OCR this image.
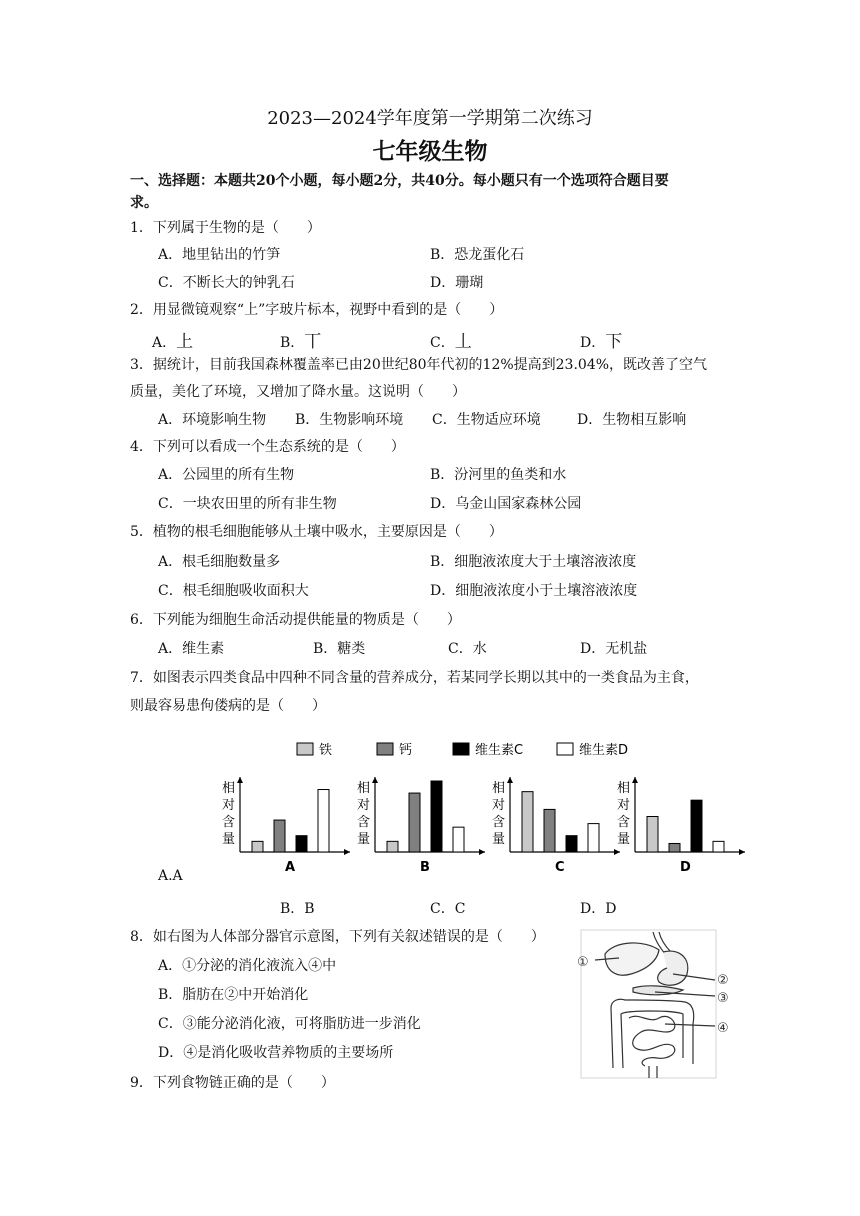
2023—2024学年度第一学期第二次练习
七年级生物
一、选择题：本题共20个小题，每小题2分，共40分。每小题只有一个选项符合题目要
求。
1．下列属于生物的是（　　）
A．地里钻出的竹笋	B．恐龙蛋化石
C．不断长大的钟乳石	D．珊瑚
2．用显微镜观察“上”字玻片标本，视野中看到的是（　　）
A．上	B．丅	C．丄	D．下
3．据统计，目前我国森林覆盖率已由20世纪80年代初的12%提高到23.04%，既改善了空气
质量，美化了环境，又增加了降水量。这说明（　　）
A．环境影响生物 B．生物影响环境 C．生物适应环境	D．生物相互影响
4．下列可以看成一个生态系统的是（　　）
A．公园里的所有生物	B．汾河里的鱼类和水
C．一块农田里的所有非生物	D．乌金山国家森林公园
5．植物的根毛细胞能够从土壤中吸水，主要原因是（　　）
A．根毛细胞数量多	B．细胞液浓度大于土壤溶液浓度
C．根毛细胞吸收面积大	D．细胞液浓度小于土壤溶液浓度
6．下列能为细胞生命活动提供能量的物质是（　　）
A．维生素	B．糖类	C．水	D．无机盐
7．如图表示四类食品中四种不同含量的营养成分，若某同学长期以其中的一类食品为主食，
则最容易患佝偻病的是（　　）
铁	钙	维生素C	维生素D
相
对
含
量
A
相
对
含
量
B
相
对
含
量
C
相
对
含
量
D
A.A
B．B	C．C	D．D
8．如右图为人体部分器官示意图，下列有关叙述错误的是（　　）
A．①分泌的消化液流入④中
B．脂肪在②中开始消化
C．③能分泌消化液，可将脂肪进一步消化
D．④是消化吸收营养物质的主要场所
①
②
③
④
9．下列食物链正确的是（　　）
